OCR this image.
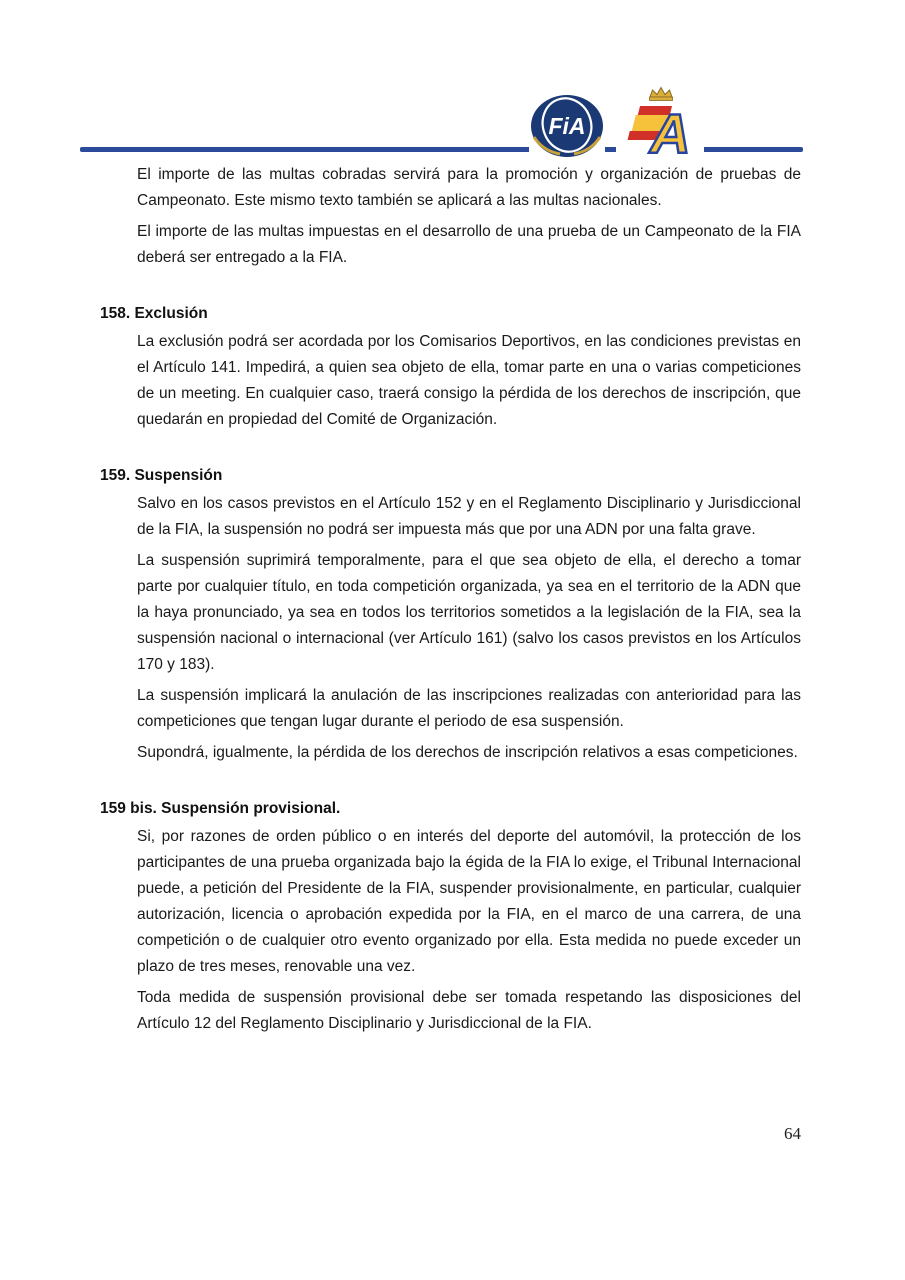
FiA A

El importe de las multas cobradas servirá para la promoción y organización de pruebas de Campeonato. Este mismo texto también se aplicará a las multas nacionales.

El importe de las multas impuestas en el desarrollo de una prueba de un Campeonato de la FIA deberá ser entregado a la FIA.

158. Exclusión

La exclusión podrá ser acordada por los Comisarios Deportivos, en las condiciones previstas en el Artículo 141. Impedirá, a quien sea objeto de ella, tomar parte en una o varias competiciones de un meeting. En cualquier caso, traerá consigo la pérdida de los derechos de inscripción, que quedarán en propiedad del Comité de Organización.

159. Suspensión

Salvo en los casos previstos en el Artículo 152 y en el Reglamento Disciplinario y Jurisdiccional de la FIA, la suspensión no podrá ser impuesta más que por una ADN por una falta grave.

La suspensión suprimirá temporalmente, para el que sea objeto de ella, el derecho a tomar parte por cualquier título, en toda competición organizada, ya sea en el territorio de la ADN que la haya pronunciado, ya sea en todos los territorios sometidos a la legislación de la FIA, sea la suspensión nacional o internacional (ver Artículo 161) (salvo los casos previstos en los Artículos 170 y 183).

La suspensión implicará la anulación de las inscripciones realizadas con anterioridad para las competiciones que tengan lugar durante el periodo de esa suspensión.

Supondrá, igualmente, la pérdida de los derechos de inscripción relativos a esas competiciones.

159 bis. Suspensión provisional.

Si, por razones de orden público o en interés del deporte del automóvil, la protección de los participantes de una prueba organizada bajo la égida de la FIA lo exige, el Tribunal Internacional puede, a petición del Presidente de la FIA, suspender provisionalmente, en particular, cualquier autorización, licencia o aprobación expedida por la FIA, en el marco de una carrera, de una competición o de cualquier otro evento organizado por ella. Esta medida no puede exceder un plazo de tres meses, renovable una vez.

Toda medida de suspensión provisional debe ser tomada respetando las disposiciones del Artículo 12 del Reglamento Disciplinario y Jurisdiccional de la FIA.

64
